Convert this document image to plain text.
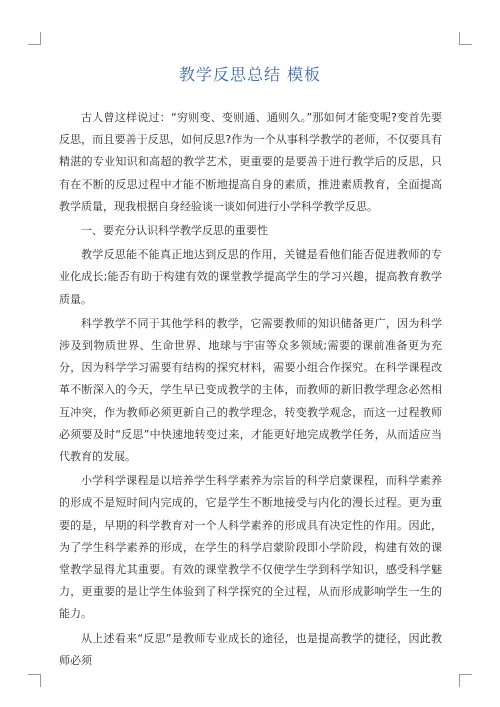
教学反思总结 模板

古人曾这样说过：“穷则变、变则通、通则久。”那如何才能变呢?变首先要反思，而且要善于反思，如何反思?作为一个从事科学教学的老师，不仅要具有精湛的专业知识和高超的教学艺术，更重要的是要善于进行教学后的反思，只有在不断的反思过程中才能不断地提高自身的素质，推进素质教育，全面提高教学质量，现我根据自身经验谈一谈如何进行小学科学教学反思。

一、要充分认识科学教学反思的重要性

教学反思能不能真正地达到反思的作用，关键是看他们能否促进教师的专业化成长;能否有助于构建有效的课堂教学提高学生的学习兴趣，提高教育教学质量。

科学教学不同于其他学科的教学，它需要教师的知识储备更广，因为科学涉及到物质世界、生命世界、地球与宇宙等众多领域;需要的课前准备更为充分，因为科学学习需要有结构的探究材料，需要小组合作探究。在科学课程改革不断深入的今天，学生早已变成教学的主体，而教师的新旧教学理念必然相互冲突，作为教师必须更新自己的教学理念，转变教学观念，而这一过程教师必须要及时“反思”中快速地转变过来，才能更好地完成教学任务，从而适应当代教育的发展。

小学科学课程是以培养学生科学素养为宗旨的科学启蒙课程，而科学素养的形成不是短时间内完成的，它是学生不断地接受与内化的漫长过程。更为重要的是，早期的科学教育对一个人科学素养的形成具有决定性的作用。因此，为了学生科学素养的形成，在学生的科学启蒙阶段即小学阶段，构建有效的课堂教学显得尤其重要。有效的课堂教学不仅使学生学到科学知识，感受科学魅力，更重要的是让学生体验到了科学探究的全过程，从而形成影响学生一生的能力。

从上述看来“反思”是教师专业成长的途径，也是提高教学的捷径，因此教师必须
